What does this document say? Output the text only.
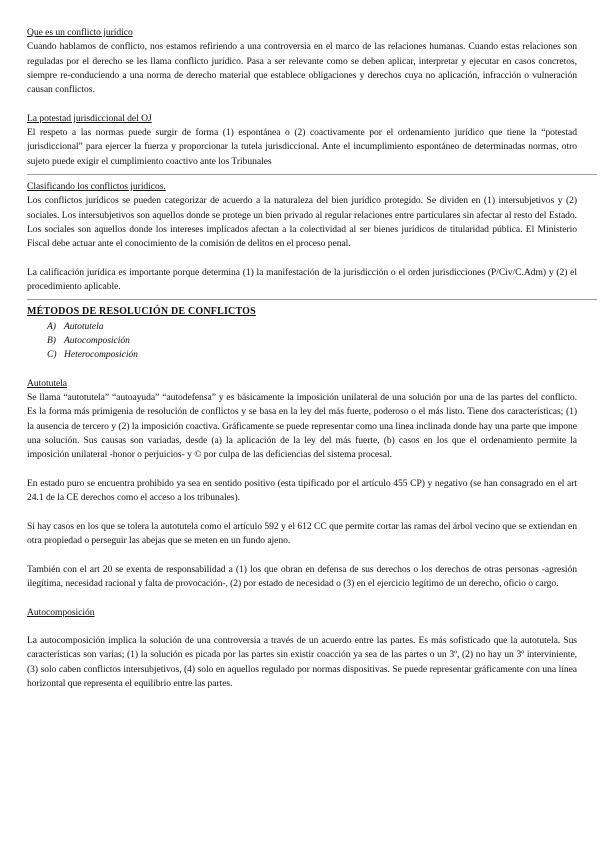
Que es un conflicto jurídico

Cuando hablamos de conflicto, nos estamos refiriendo a una controversia en el marco de las relaciones humanas. Cuando estas relaciones son reguladas por el derecho se les llama conflicto jurídico. Pasa a ser relevante como se deben aplicar, interpretar y ejecutar en casos concretos, siempre re-conduciendo a una norma de derecho material que establece obligaciones y derechos cuya no aplicación, infracción o vulneración causan conflictos.

La potestad jurisdiccional del OJ

El respeto a las normas puede surgir de forma (1) espontánea o (2) coactivamente por el ordenamiento jurídico que tiene la “potestad jurisdiccional” para ejercer la fuerza y proporcionar la tutela jurisdiccional. Ante el incumplimiento espontáneo de determinadas normas, otro sujeto puede exigir el cumplimiento coactivo ante los Tribunales

Clasificando los conflictos jurídicos.

Los conflictos jurídicos se pueden categorizar de acuerdo a la naturaleza del bien jurídico protegido. Se dividen en (1) intersubjetivos y (2) sociales. Los intersubjetivos son aquellos donde se protege un bien privado al regular relaciones entre particulares sin afectar al resto del Estado. Los sociales son aquellos donde los intereses implicados afectan a la colectividad al ser bienes jurídicos de titularidad pública. El Ministerio Fiscal debe actuar ante el conocimiento de la comisión de delitos en el proceso penal.

La calificación jurídica es importante porque determina (1) la manifestación de la jurisdicción o el orden jurisdicciones (P/Civ/C.Adm) y (2) el procedimiento aplicable.

MÉTODOS DE RESOLUCIÓN DE CONFLICTOS

A) Autotutela
B) Autocomposición
C) Heterocomposición

Autotutela

Se llama “autotutela” “autoayuda” “autodefensa” y es básicamente la imposición unilateral de una solución por una de las partes del conflicto. Es la forma más primigenia de resolución de conflictos y se basa en la ley del más fuerte, poderoso o el más listo. Tiene dos características; (1) la ausencia de tercero y (2) la imposición coactiva. Gráficamente se puede representar como una línea inclinada donde hay una parte que impone una solución. Sus causas son variadas, desde (a) la aplicación de la ley del más fuerte, (b) casos en los que el ordenamiento permite la imposición unilateral -honor o perjuicios- y © por culpa de las deficiencias del sistema procesal.

En estado puro se encuentra prohibido ya sea en sentido positivo (esta tipificado por el artículo 455 CP) y negativo (se han consagrado en el art 24.1 de la CE derechos como el acceso a los tribunales).

Si hay casos en los que se tolera la autotutela como el artículo 592 y el 612 CC que permite cortar las ramas del árbol vecino que se extiendan en otra propiedad o perseguir las abejas que se meten en un fundo ajeno.

También con el art 20 se exenta de responsabilidad a (1) los que obran en defensa de sus derechos o los derechos de otras personas -agresión ilegítima, necesidad racional y falta de provocación-, (2) por estado de necesidad o (3) en el ejercicio legítimo de un derecho, oficio o cargo.

Autocomposición

La autocomposición implica la solución de una controversia a través de un acuerdo entre las partes. Es más sofisticado que la autotutela. Sus características son varias; (1) la solución es picada por las partes sin existir coacción ya sea de las partes o un 3º, (2) no hay un 3º interviniente, (3) solo caben conflictos intersubjetivos, (4) solo en aquellos regulado por normas dispositivas. Se puede representar gráficamente con una línea horizontal que representa el equilibrio entre las partes.
